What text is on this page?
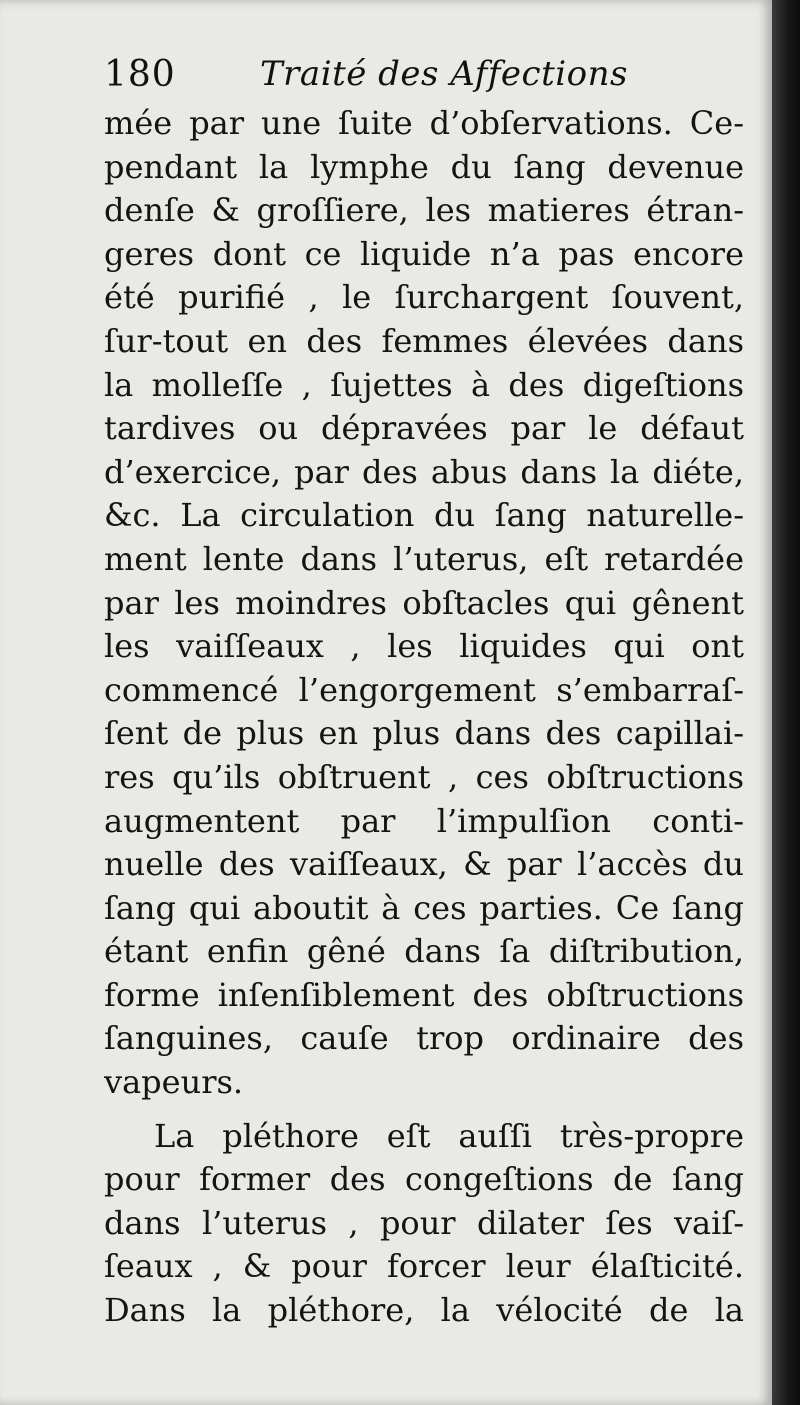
180 Traité des Affections
mée par une ſuite d’obſervations. Ce-
pendant la lymphe du ſang devenue
denſe & groſſiere, les matieres étran-
geres dont ce liquide n’a pas encore
été purifié , le ſurchargent ſouvent,
ſur-tout en des femmes élevées dans
la molleſſe , ſujettes à des digeſtions
tardives ou dépravées par le défaut
d’exercice, par des abus dans la diéte,
&c. La circulation du ſang naturelle-
ment lente dans l’uterus, eſt retardée
par les moindres obſtacles qui gênent
les vaiſſeaux , les liquides qui ont
commencé l’engorgement s’embarraſ-
ſent de plus en plus dans des capillai-
res qu’ils obſtruent , ces obſtructions
augmentent par l’impulſion conti-
nuelle des vaiſſeaux, & par l’accès du
ſang qui aboutit à ces parties. Ce ſang
étant enfin gêné dans ſa diſtribution,
forme inſenſiblement des obſtructions
ſanguines, cauſe trop ordinaire des
vapeurs.
La pléthore eſt auſſi très-propre
pour former des congeſtions de ſang
dans l’uterus , pour dilater ſes vaiſ-
ſeaux , & pour forcer leur élaſticité.
Dans la pléthore, la vélocité de la
